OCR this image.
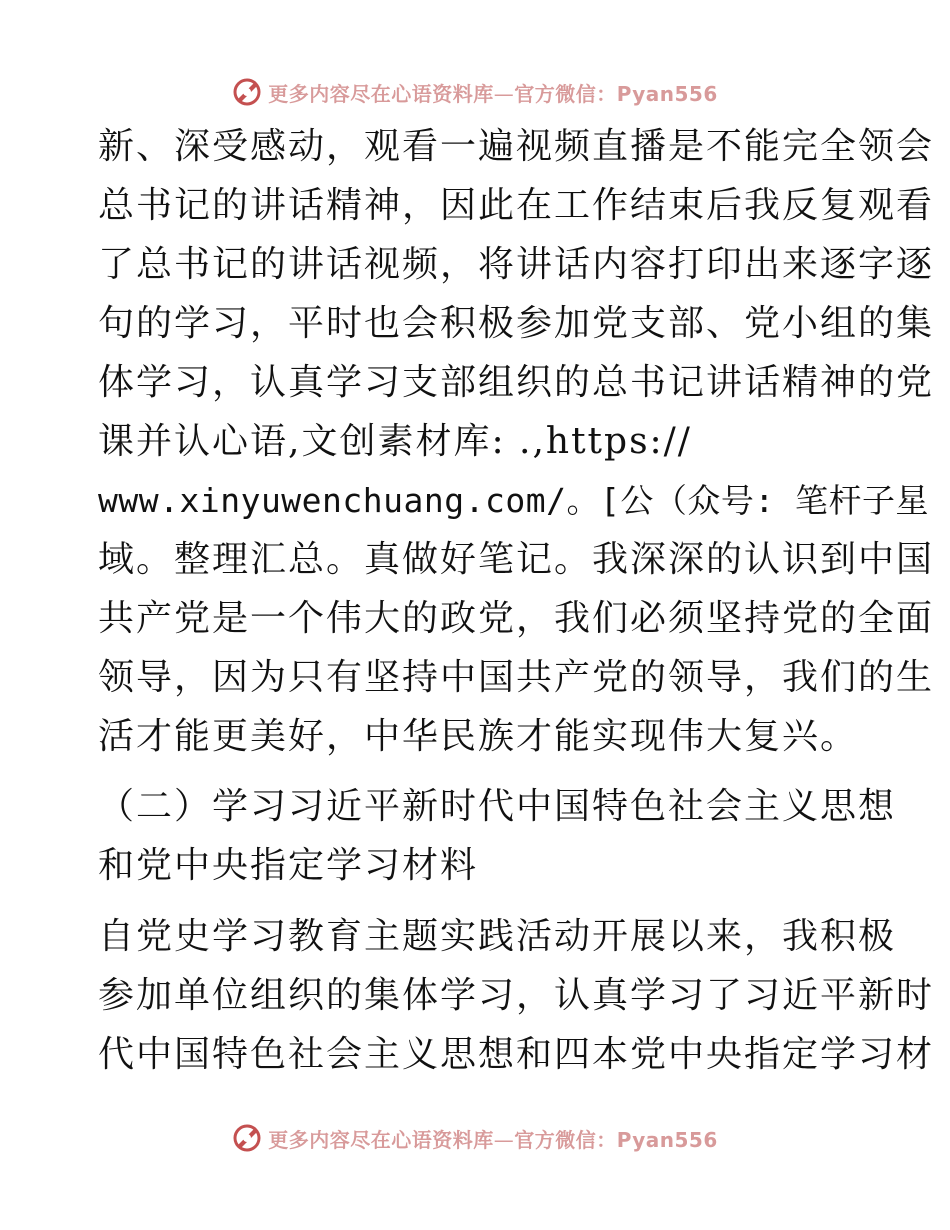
更多内容尽在心语资料库—官方微信：Pyan556
新、深受感动，观看一遍视频直播是不能完全领会
总书记的讲话精神，因此在工作结束后我反复观看
了总书记的讲话视频，将讲话内容打印出来逐字逐
句的学习，平时也会积极参加党支部、党小组的集
体学习，认真学习支部组织的总书记讲话精神的党
课并认心语,文创素材库: .,https://
www.xinyuwenchuang.com/。[公（众号: 笔杆子星
域。整理汇总。真做好笔记。我深深的认识到中国
共产党是一个伟大的政党，我们必须坚持党的全面
领导，因为只有坚持中国共产党的领导，我们的生
活才能更美好，中华民族才能实现伟大复兴。
（二）学习习近平新时代中国特色社会主义思想
和党中央指定学习材料
自党史学习教育主题实践活动开展以来，我积极
参加单位组织的集体学习，认真学习了习近平新时
代中国特色社会主义思想和四本党中央指定学习材
更多内容尽在心语资料库—官方微信：Pyan556
